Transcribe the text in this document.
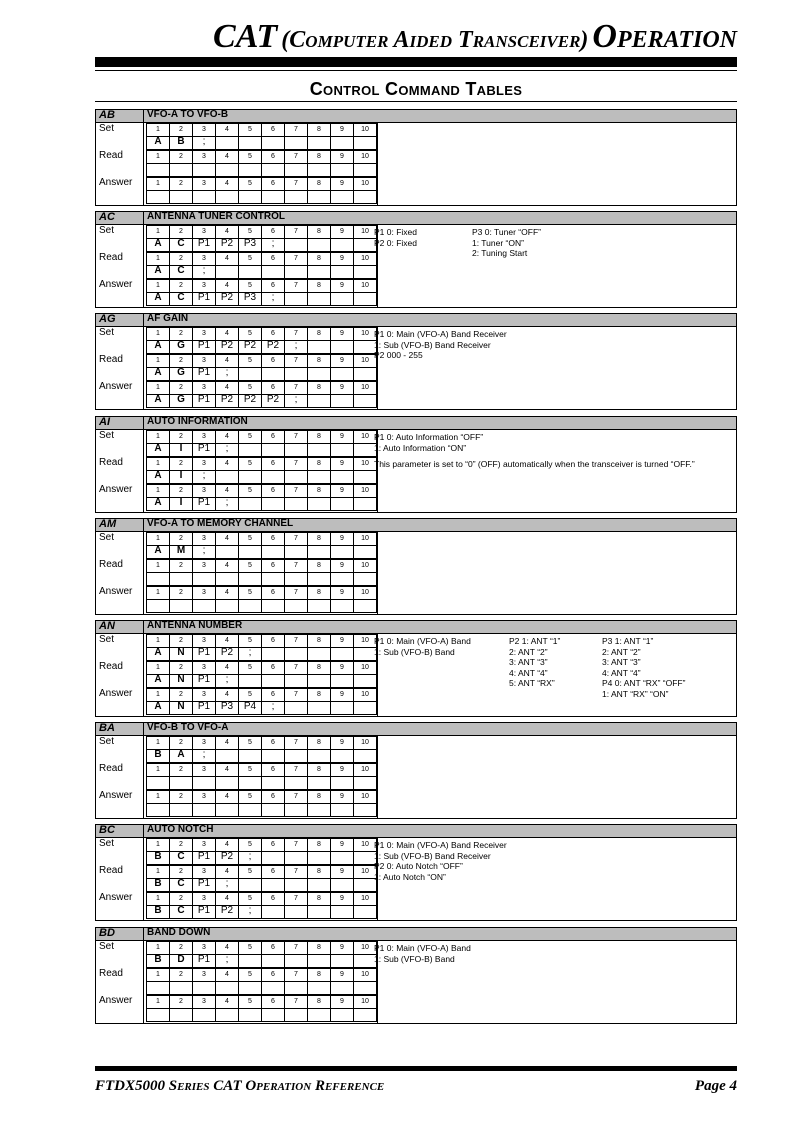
CAT (Computer Aided Transceiver) Operation
Control Command Tables
AB	VFO-A TO VFO-B
Set	1	2	3	4	5	6	7	8	9	10
A	B	;
Read	1	2	3	4	5	6	7	8	9	10
Answer	1	2	3	4	5	6	7	8	9	10
AC	ANTENNA TUNER CONTROL
Set	1	2	3	4	5	6	7	8	9	10
A	C	P1	P2	P3	;
Read	1	2	3	4	5	6	7	8	9	10
A	C	;
Answer	1	2	3	4	5	6	7	8	9	10
A	C	P1	P2	P3	;
P1 0: Fixed
P2 0: Fixed
P3 0: Tuner “OFF”
1: Tuner “ON”
2: Tuning Start
AG	AF GAIN
Set	1	2	3	4	5	6	7	8	9	10
A	G	P1	P2	P2	P2	;
Read	1	2	3	4	5	6	7	8	9	10
A	G	P1	;
Answer	1	2	3	4	5	6	7	8	9	10
A	G	P1	P2	P2	P2	;
P1 0: Main (VFO-A) Band Receiver
1: Sub (VFO-B) Band Receiver
P2 000 - 255
AI	AUTO INFORMATION
Set	1	2	3	4	5	6	7	8	9	10
A	I	P1	;
Read	1	2	3	4	5	6	7	8	9	10
A	I	;
Answer	1	2	3	4	5	6	7	8	9	10
A	I	P1	;
P1 0: Auto Information “OFF”
1: Auto Information “ON”
This parameter is set to “0” (OFF) automatically when the transceiver is turned “OFF.”
AM	VFO-A TO MEMORY CHANNEL
Set	1	2	3	4	5	6	7	8	9	10
A	M	;
Read	1	2	3	4	5	6	7	8	9	10
Answer	1	2	3	4	5	6	7	8	9	10
AN	ANTENNA NUMBER
Set	1	2	3	4	5	6	7	8	9	10
A	N	P1	P2	;
Read	1	2	3	4	5	6	7	8	9	10
A	N	P1	;
Answer	1	2	3	4	5	6	7	8	9	10
A	N	P1	P3	P4	;
P1 0: Main (VFO-A) Band
1: Sub (VFO-B) Band
P2 1: ANT “1”
2: ANT “2”
3: ANT “3”
4: ANT “4”
5: ANT “RX”
P3 1: ANT “1”
2: ANT “2”
3: ANT “3”
4: ANT “4”
P4 0: ANT “RX” “OFF”
1: ANT “RX” “ON”
BA	VFO-B TO VFO-A
Set	1	2	3	4	5	6	7	8	9	10
B	A	;
Read	1	2	3	4	5	6	7	8	9	10
Answer	1	2	3	4	5	6	7	8	9	10
BC	AUTO NOTCH
Set	1	2	3	4	5	6	7	8	9	10
B	C	P1	P2	;
Read	1	2	3	4	5	6	7	8	9	10
B	C	P1	;
Answer	1	2	3	4	5	6	7	8	9	10
B	C	P1	P2	;
P1 0: Main (VFO-A) Band Receiver
1: Sub (VFO-B) Band Receiver
P2 0: Auto Notch “OFF”
1: Auto Notch “ON”
BD	BAND DOWN
Set	1	2	3	4	5	6	7	8	9	10
B	D	P1	;
Read	1	2	3	4	5	6	7	8	9	10
Answer	1	2	3	4	5	6	7	8	9	10
P1 0: Main (VFO-A) Band
1: Sub (VFO-B) Band
FTDX5000 Series CAT Operation Reference	Page 4
